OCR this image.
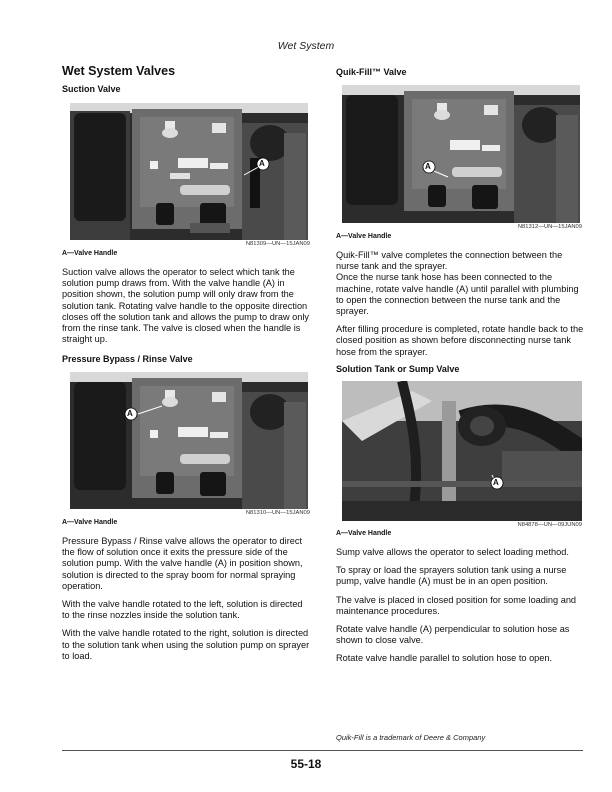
Wet System
Wet System Valves
Suction Valve
A
N81309—UN—15JAN09
A—Valve Handle

Suction valve allows the operator to select which tank the solution pump draws from. With the valve handle (A) in position shown, the solution pump will only draw from the solution tank. Rotating valve handle to the opposite direction closes off the solution tank and allows the pump to draw only from the rinse tank. The valve is closed when the handle is straight up.

Pressure Bypass / Rinse Valve
A
N81310—UN—15JAN09
A—Valve Handle

Pressure Bypass / Rinse valve allows the operator to direct the flow of solution once it exits the pressure side of the solution pump. With the valve handle (A) in position shown, solution is directed to the spray boom for normal spraying operation.

With the valve handle rotated to the left, solution is directed to the rinse nozzles inside the solution tank.

With the valve handle rotated to the right, solution is directed to the solution tank when using the solution pump on sprayer to load.

Quik-Fill™ Valve
A
N81312—UN—15JAN09
A—Valve Handle

Quik-Fill™ valve completes the connection between the nurse tank and the sprayer.

Once the nurse tank hose has been connected to the machine, rotate valve handle (A) until parallel with plumbing to open the connection between the nurse tank and the sprayer.

After filling procedure is completed, rotate handle back to the closed position as shown before disconnecting nurse tank hose from the sprayer.

Solution Tank or Sump Valve
A
N84878—UN—09JUN09
A—Valve Handle

Sump valve allows the operator to select loading method.

To spray or load the sprayers solution tank using a nurse pump, valve handle (A) must be in an open position.

The valve is placed in closed position for some loading and maintenance procedures.

Rotate valve handle (A) perpendicular to solution hose as shown to close valve.

Rotate valve handle parallel to solution hose to open.

Quik-Fill is a trademark of Deere & Company
55-18
